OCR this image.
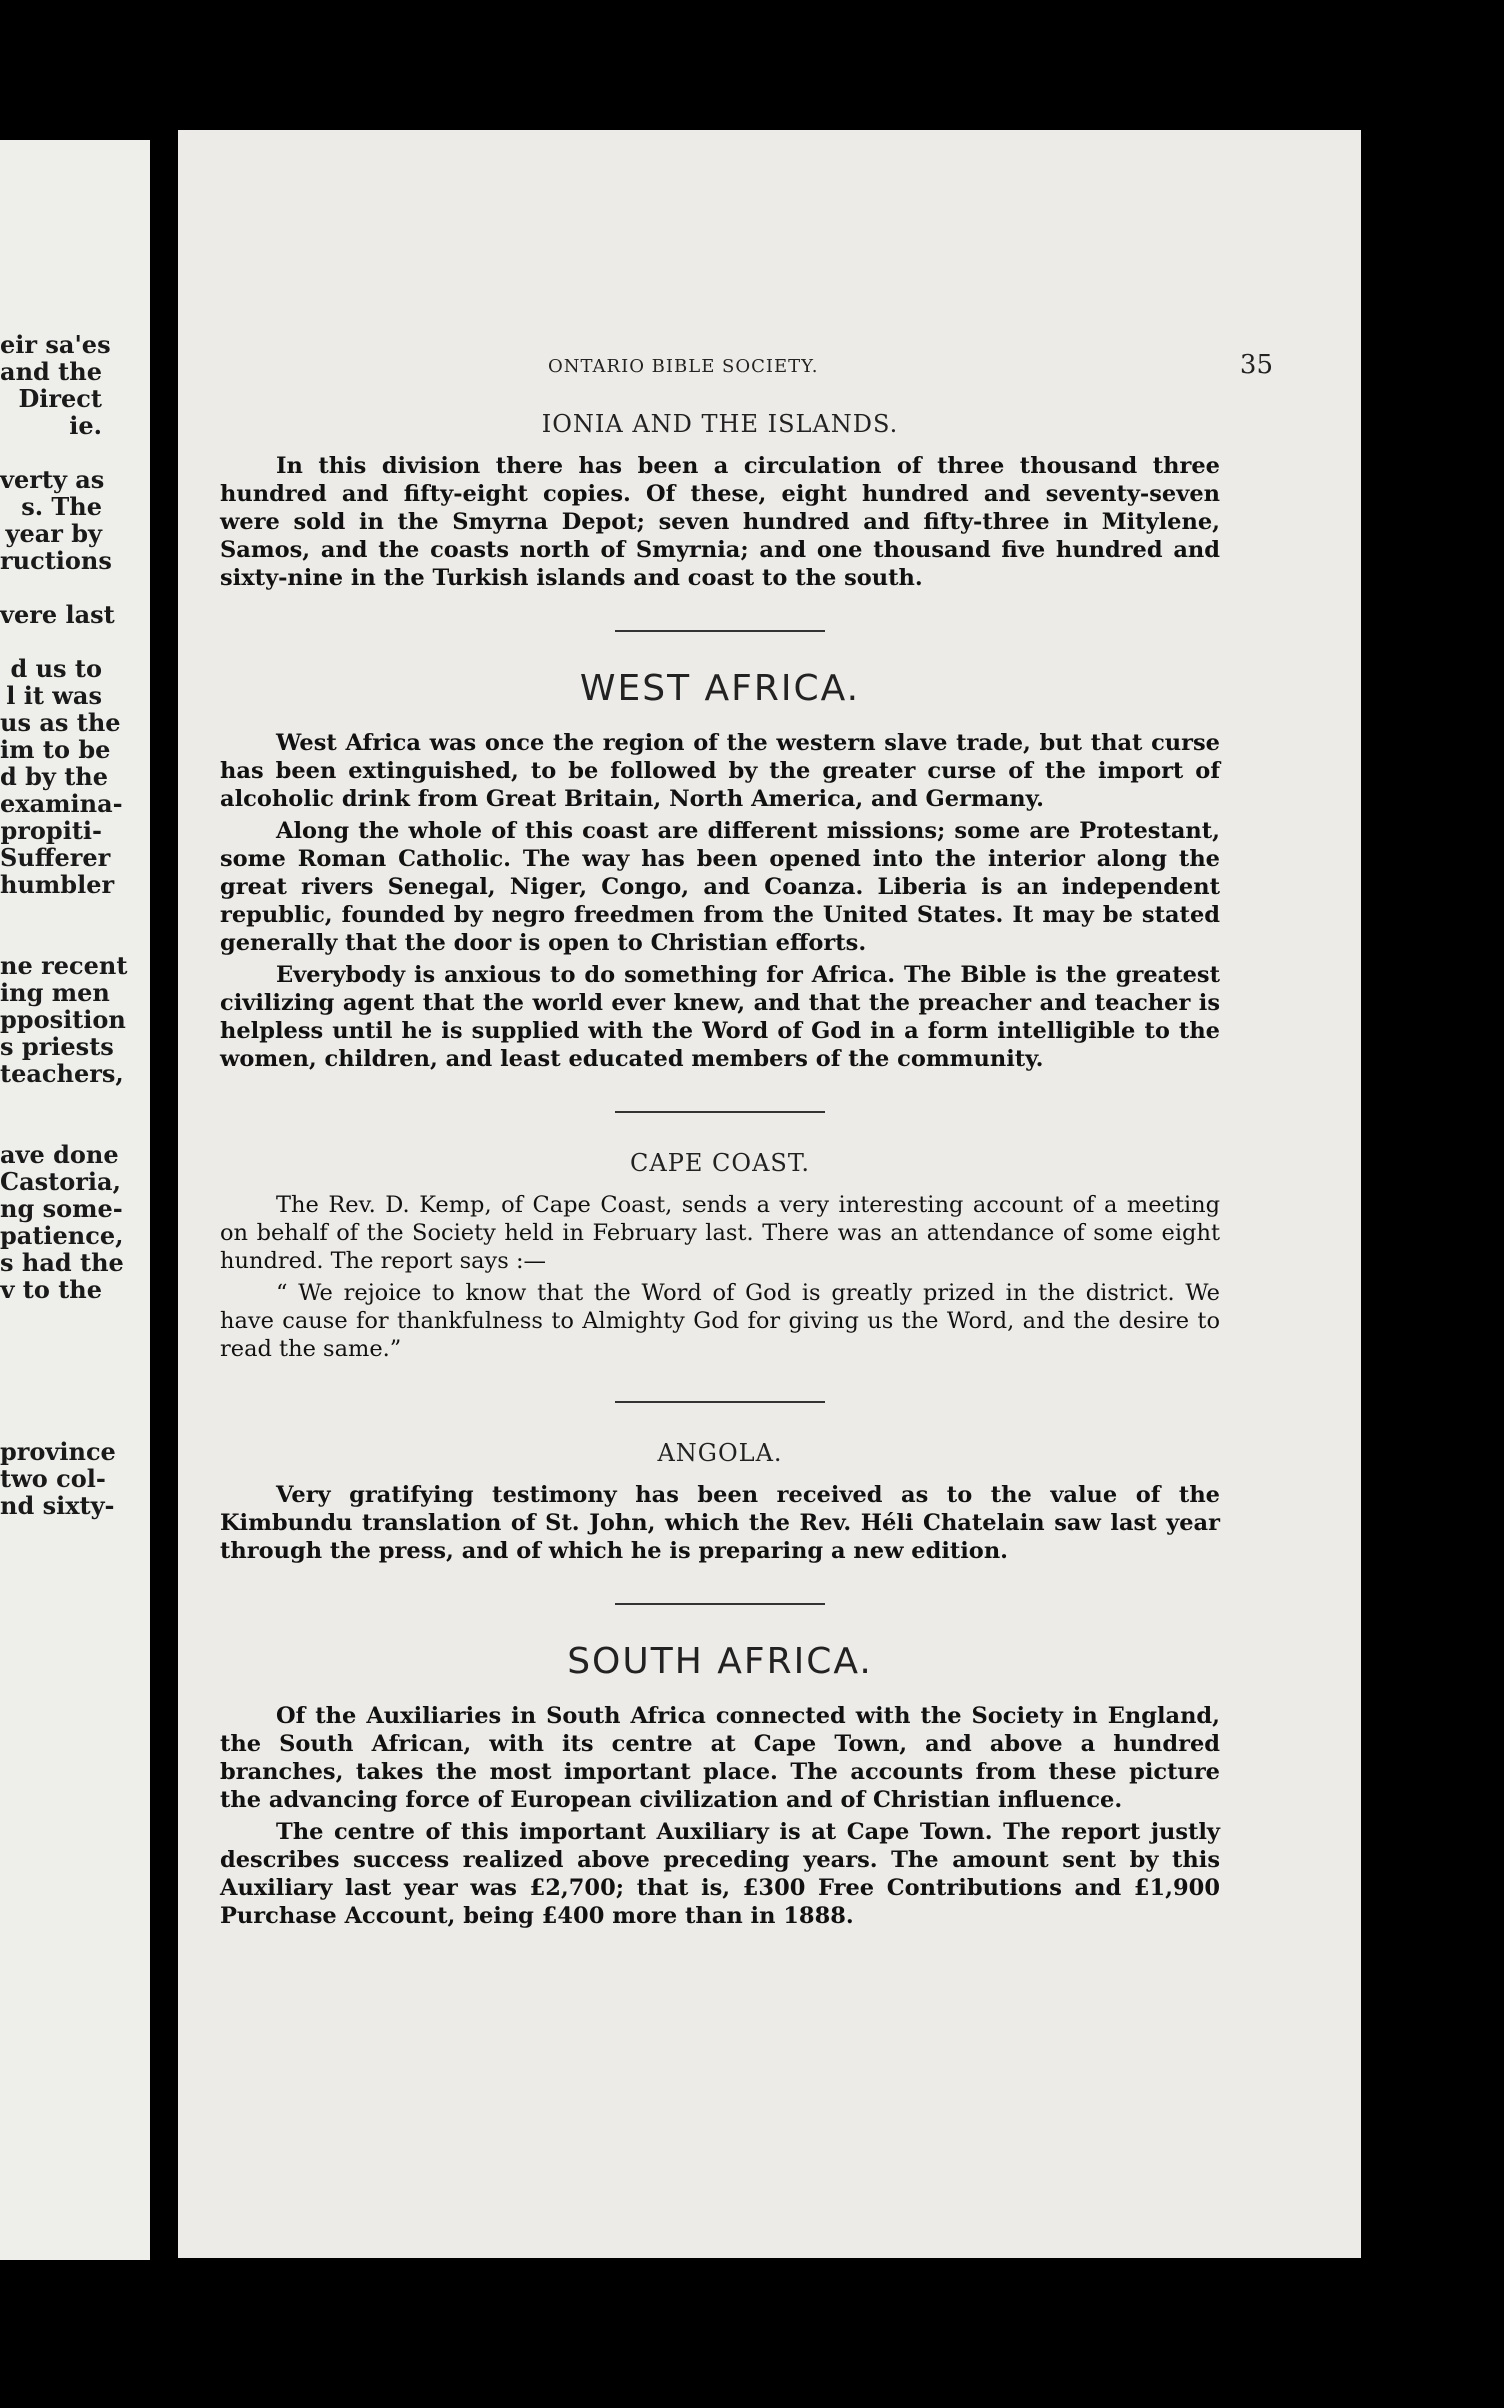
eir sa'es
and the
Direct
ie.
verty as
s. The
year by
ructions
vere last
d us to
l it was
us as the
im to be
d by the
examina-
propiti-
Sufferer
humbler
ne recent
ing men
pposition
s priests
teachers,
ave done
Castoria,
ng some-
patience,
s had the
v to the
province
two col-
nd sixty-
ONTARIO BIBLE SOCIETY.	35
IONIA AND THE ISLANDS.

In this division there has been a circulation of three thousand three hundred and fifty-eight copies. Of these, eight hundred and seventy-seven were sold in the Smyrna Depot; seven hundred and fifty-three in Mitylene, Samos, and the coasts north of Smyrnia; and one thousand five hundred and sixty-nine in the Turkish islands and coast to the south.

WEST AFRICA.

West Africa was once the region of the western slave trade, but that curse has been extinguished, to be followed by the greater curse of the import of alcoholic drink from Great Britain, North America, and Germany.

Along the whole of this coast are different missions; some are Protestant, some Roman Catholic. The way has been opened into the interior along the great rivers Senegal, Niger, Congo, and Coanza. Liberia is an independent republic, founded by negro freedmen from the United States. It may be stated generally that the door is open to Christian efforts.

Everybody is anxious to do something for Africa. The Bible is the greatest civilizing agent that the world ever knew, and that the preacher and teacher is helpless until he is supplied with the Word of God in a form intelligible to the women, children, and least educated members of the community.

CAPE COAST.

The Rev. D. Kemp, of Cape Coast, sends a very interesting account of a meeting on behalf of the Society held in February last. There was an attendance of some eight hundred. The report says :—

“ We rejoice to know that the Word of God is greatly prized in the district. We have cause for thankfulness to Almighty God for giving us the Word, and the desire to read the same.”

ANGOLA.

Very gratifying testimony has been received as to the value of the Kimbundu translation of St. John, which the Rev. Héli Chatelain saw last year through the press, and of which he is preparing a new edition.

SOUTH AFRICA.

Of the Auxiliaries in South Africa connected with the Society in England, the South African, with its centre at Cape Town, and above a hundred branches, takes the most important place. The accounts from these picture the advancing force of European civilization and of Christian influence.

The centre of this important Auxiliary is at Cape Town. The report justly describes success realized above preceding years. The amount sent by this Auxiliary last year was £2,700; that is, £300 Free Contributions and £1,900 Purchase Account, being £400 more than in 1888.
